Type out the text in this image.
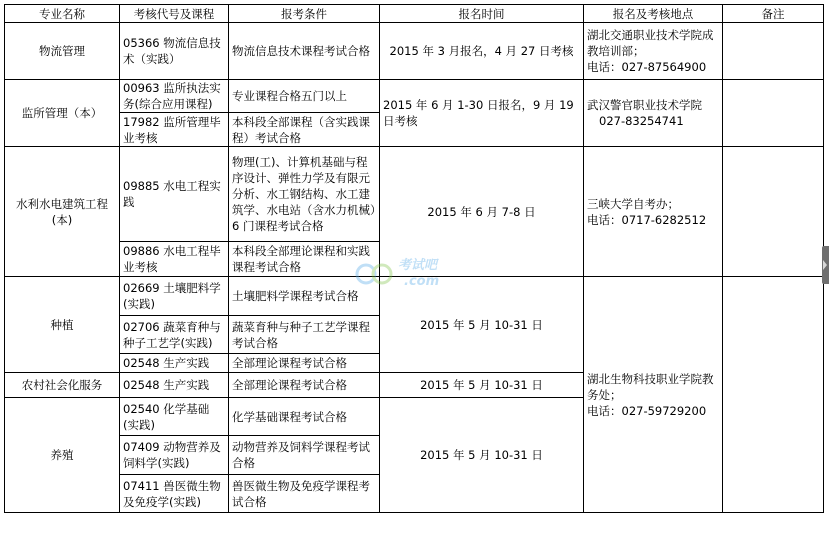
专业名称	考核代号及课程	报考条件	报名时间	报名及考核地点	备注
物流管理	05366 物流信息技术（实践）	物流信息技术课程考试合格	2015 年 3 月报名，4 月 27 日考核	湖北交通职业技术学院成教培训部；
电话：027-87564900	

监所管理（本）	00963 监所执法实务(综合应用课程)	专业课程合格五门以上	2015 年 6 月 1-30 日报名，9 月 19 日考核	武汉警官职业技术学院
027-83254741	

	17982 监所管理毕业考核	本科段全部课程（含实践课程）考试合格			
水利水电建筑工程(本)	09885 水电工程实践	物理(工)、计算机基础与程序设计、弹性力学及有限元分析、水工钢结构、水工建筑学、水电站（含水力机械）6 门课程考试合格	2015 年 6 月 7-8 日	三峡大学自考办；
电话：0717-6282512	

	09886 水电工程毕业考核	本科段全部理论课程和实践课程考试合格			
种植	02669 土壤肥料学(实践)	土壤肥料学课程考试合格	2015 年 5 月 10-31 日	湖北生物科技职业学院教务处；
电话：027-59729200	

	02706 蔬菜育种与种子工艺学(实践)	蔬菜育种与种子工艺学课程考试合格			
	02548 生产实践	全部理论课程考试合格			
农村社会化服务	02548 生产实践	全部理论课程考试合格	2015 年 5 月 10-31 日		
养殖	02540 化学基础(实践)	化学基础课程考试合格	2015 年 5 月 10-31 日		
	07409 动物营养及饲料学(实践)	动物营养及饲料学课程考试合格			
	07411 兽医微生物及免疫学(实践)	兽医微生物及免疫学课程考试合格			
考试吧
.com
